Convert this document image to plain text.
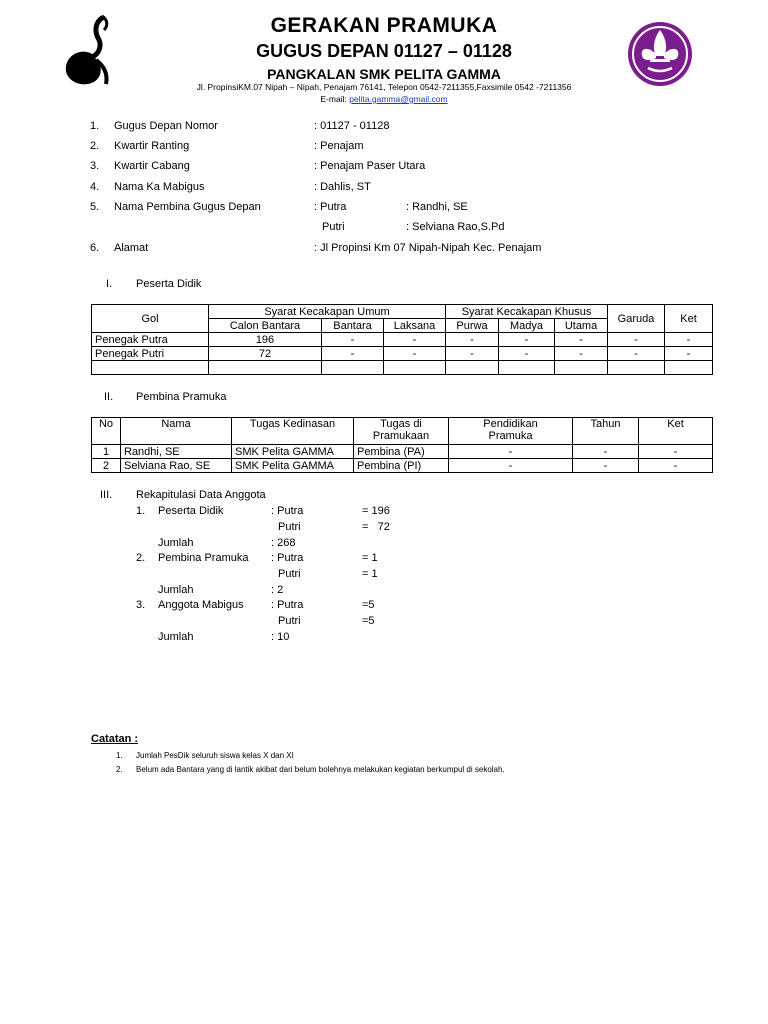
GERAKAN PRAMUKA
GUGUS DEPAN 01127 – 01128
PANGKALAN SMK PELITA GAMMA
Jl. PropinsiKM.07 Nipah – Nipah, Penajam 76141, Telepon 0542-7211355,Faxsimile 0542 -7211356
E-mail: pelita.gamma@gmail.com
1. Gugus Depan Nomor	: 01127 - 01128
2. Kwartir Ranting	: Penajam
3. Kwartir Cabang	: Penajam Paser Utara
4. Nama Ka Mabigus	: Dahlis, ST
5. Nama Pembina Gugus Depan	: Putra	: Randhi, SE
Putri	: Selviana Rao,S.Pd
6. Alamat	: Jl Propinsi Km 07 Nipah-Nipah Kec. Penajam
I. Peserta Didik
Gol	Syarat Kecakapan Umum			Syarat Kecakapan Khusus			Garuda	Ket
	Calon Bantara	Bantara	Laksana	Purwa	Madya	Utama		
Penegak Putra	196	-	-	-	-	-	-	-
Penegak Putri	72	-	-	-	-	-	-	-

II. Pembina Pramuka
No	Nama	Tugas Kedinasan	Tugas di Pramukaan	Pendidikan Pramuka	Tahun	Ket
1	Randhi, SE	SMK Pelita GAMMA	Pembina (PA)	-	-	-
2	Selviana Rao, SE	SMK Pelita GAMMA	Pembina (PI)	-	-	-
III. Rekapitulasi Data Anggota
1. Peserta Didik	: Putra	= 196
Putri	=   72
Jumlah	: 268
2. Pembina Pramuka : Putra	= 1
Putri	= 1
Jumlah	: 2
3. Anggota Mabigus : Putra	=5
Putri	=5
Jumlah	: 10
Catatan :
1. Jumlah PesDik seluruh siswa kelas X dan XI
2. Belum ada Bantara yang di lantik akibat dari belum bolehnya melakukan kegiatan berkumpul di sekolah.
